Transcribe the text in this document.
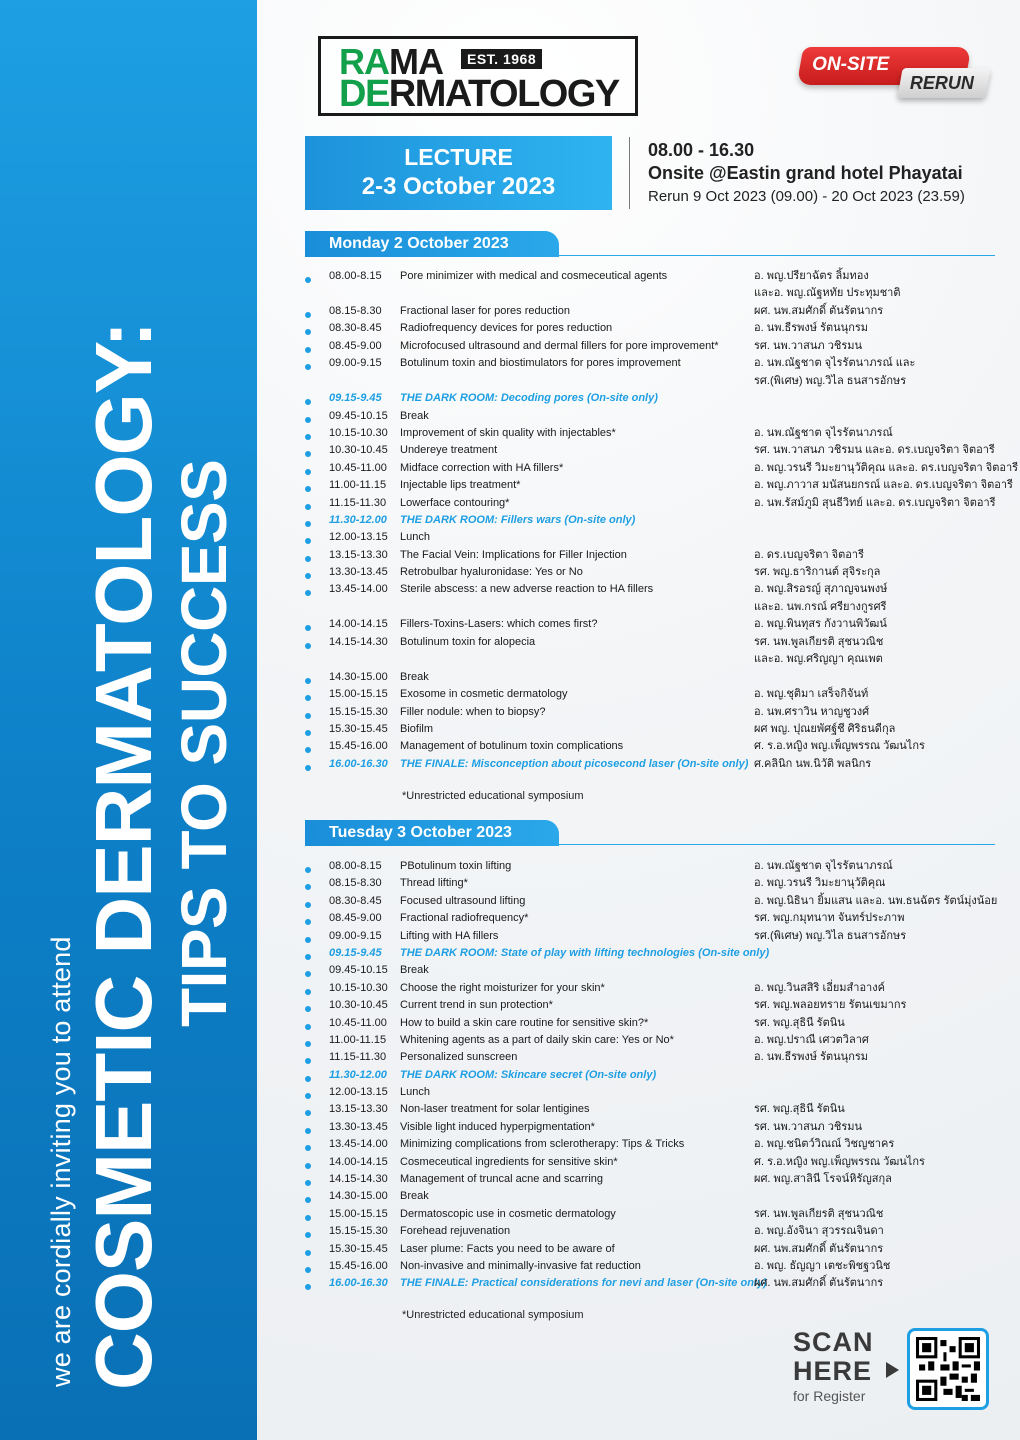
we are cordially inviting you to attend COSMETIC DERMATOLOGY: TIPS TO SUCCESS
RAMA	EST. 1968
DERMATOLOGY
ON-SITE
RERUN
LECTURE
2-3 October 2023
08.00 - 16.30
Onsite @Eastin grand hotel Phayatai
Rerun 9 Oct 2023 (09.00) - 20 Oct 2023 (23.59)
Monday 2 October 2023
08.00-8.15 Pore minimizer with medical and cosmeceutical agents	อ. พญ.ปรียาฉัตร ลิ้มทอง
และอ. พญ.ณัฐหทัย ประทุมชาติ
08.15-8.30 Fractional laser for pores reduction	ผศ. นพ.สมศักดิ์ ตันรัตนากร
08.30-8.45 Radiofrequency devices for pores reduction	อ. นพ.ธีรพงษ์ รัตนนุกรม
08.45-9.00 Microfocused ultrasound and dermal fillers for pore improvement*	รศ. นพ.วาสนภ วชิรมน
09.00-9.15 Botulinum toxin and biostimulators for pores improvement	อ. นพ.ณัฐชาต จุไรรัตนาภรณ์ และ
รศ.(พิเศษ) พญ.วิไล ธนสารอักษร
09.15-9.45 THE DARK ROOM: Decoding pores (On-site only)
09.45-10.15 Break
10.15-10.30 Improvement of skin quality with injectables*	อ. นพ.ณัฐชาต จุไรรัตนาภรณ์
10.30-10.45 Undereye treatment	รศ. นพ.วาสนภ วชิรมน และอ. ดร.เบญจริตา จิตอารี
10.45-11.00 Midface correction with HA fillers*	อ. พญ.วรนรี วิมะยานุวัติคุณ และอ. ดร.เบญจริตา จิตอารี
11.00-11.15 Injectable lips treatment*	อ. พญ.ภาวาส มนัสนยกรณ์ และอ. ดร.เบญจริตา จิตอารี
11.15-11.30 Lowerface contouring*	อ. นพ.รัสม์ภูมิ สุนธีวิทย์ และอ. ดร.เบญจริตา จิตอารี
11.30-12.00 THE DARK ROOM: Fillers wars (On-site only)
12.00-13.15 Lunch
13.15-13.30 The Facial Vein: Implications for Filler Injection	อ. ดร.เบญจริตา จิตอารี
13.30-13.45 Retrobulbar hyaluronidase: Yes or No	รศ. พญ.ธาริกานต์ สุจิระกุล
13.45-14.00 Sterile abscess: a new adverse reaction to HA fillers	อ. พญ.สิรอรญ์ สุภาญจนพงษ์
และอ. นพ.กรณ์ ศรียางกูรศรี
14.00-14.15 Fillers-Toxins-Lasers: which comes first?	อ. พญ.พินทุสร กังวานพิวัฒน์
14.15-14.30 Botulinum toxin for alopecia	รศ. นพ.พูลเกียรติ สุชนวณิช
และอ. พญ.ศริญญา คุณเพต
14.30-15.00 Break
15.00-15.15 Exosome in cosmetic dermatology	อ. พญ.ชุติมา เสร็จกิจันท์
15.15-15.30 Filler nodule: when to biopsy?	อ. นพ.ศราวิน หาญชูวงศ์
15.30-15.45 Biofilm	ผศ พญ. ปุณยพัศฐ์ชี ศิริธนดีกุล
15.45-16.00 Management of botulinum toxin complications	ศ. ร.อ.หญิง พญ.เพ็ญพรรณ วัฒนไกร
16.00-16.30 THE FINALE: Misconception about picosecond laser (On-site only) ศ.คลินิก นพ.นิวัติ พลนิกร
*Unrestricted educational symposium
Tuesday 3 October 2023
08.00-8.15 PBotulinum toxin lifting	อ. นพ.ณัฐชาต จุไรรัตนาภรณ์
08.15-8.30 Thread lifting*	อ. พญ.วรนรี วิมะยานุวัติคุณ
08.30-8.45 Focused ultrasound lifting	อ. พญ.นิธินา ยิ้มแสน และอ. นพ.ธนฉัตร รัตน์มุ่งน้อย
08.45-9.00 Fractional radiofrequency*	รศ. พญ.กมุทนาท จันทร์ประภาพ
09.00-9.15 Lifting with HA fillers	รศ.(พิเศษ) พญ.วิไล ธนสารอักษร
09.15-9.45 THE DARK ROOM: State of play with lifting technologies (On-site only)
09.45-10.15 Break
10.15-10.30 Choose the right moisturizer for your skin*	อ. พญ.วินสสิริ เอี่ยมสำอางค์
10.30-10.45 Current trend in sun protection*	รศ. พญ.พลอยทราย รัตนเขมากร
10.45-11.00 How to build a skin care routine for sensitive skin?*	รศ. พญ.สุธินี รัตนิน
11.00-11.15 Whitening agents as a part of daily skin care: Yes or No*	อ. พญ.ปราณี เศวตวิลาศ
11.15-11.30 Personalized sunscreen	อ. นพ.ธีรพงษ์ รัตนนุกรม
11.30-12.00 THE DARK ROOM: Skincare secret (On-site only)
12.00-13.15 Lunch
13.15-13.30 Non-laser treatment for solar lentigines	รศ. พญ.สุธินี รัตนิน
13.30-13.45 Visible light induced hyperpigmentation*	รศ. นพ.วาสนภ วชิรมน
13.45-14.00 Minimizing complications from sclerotherapy: Tips & Tricks	อ. พญ.ชนิตว์วิณณ์ วิชญชาคร
14.00-14.15 Cosmeceutical ingredients for sensitive skin*	ศ. ร.อ.หญิง พญ.เพ็ญพรรณ วัฒนไกร
14.15-14.30 Management of truncal acne and scarring	ผศ. พญ.สาลินี โรจน์หิรัญสกุล
14.30-15.00 Break
15.00-15.15 Dermatoscopic use in cosmetic dermatology	รศ. นพ.พูลเกียรติ สุชนวณิช
15.15-15.30 Forehead rejuvenation	อ. พญ.อังจินา สุวรรณจินดา
15.30-15.45 Laser plume: Facts you need to be aware of	ผศ. นพ.สมศักดิ์ ตันรัตนากร
15.45-16.00 Non-invasive and minimally-invasive fat reduction	อ. พญ. ธัญญา เตชะพิชฐวนิช
16.00-16.30 THE FINALE: Practical considerations for nevi and laser (On-site only)
ผศ. นพ.สมศักดิ์ ตันรัตนากร
*Unrestricted educational symposium
SCAN
HERE
for Register
